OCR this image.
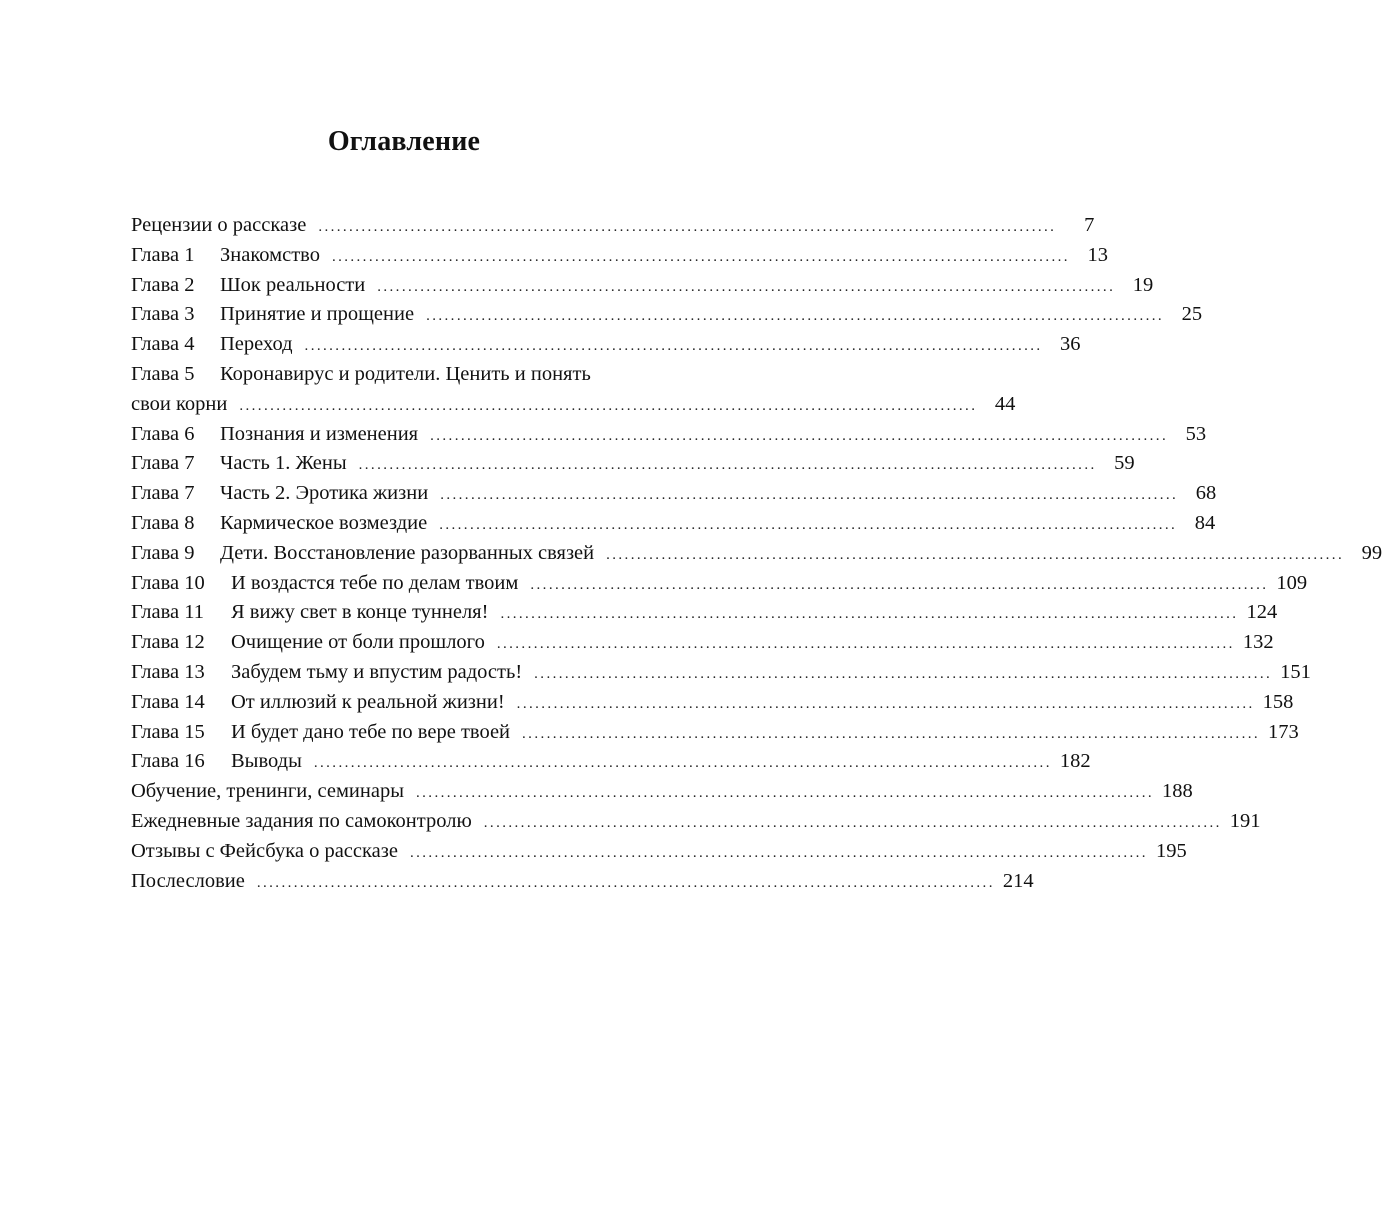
Оглавление
Рецензии о рассказе ........................................................................................................................	7
Глава 1 Знакомство ........................................................................................................................ 13
Глава 2 Шок реальности ........................................................................................................................ 19
Глава 3 Принятие и прощение ........................................................................................................................ 25
Глава 4 Переход ........................................................................................................................ 36
Глава 5 Коронавирус и родители. Ценить и понять
свои корни ........................................................................................................................ 44
Глава 6 Познания и изменения ........................................................................................................................ 53
Глава 7 Часть 1. Жены ........................................................................................................................ 59
Глава 7 Часть 2. Эротика жизни ........................................................................................................................ 68
Глава 8 Кармическое возмездие ........................................................................................................................ 84
Глава 9 Дети. Восстановление разорванных связей ........................................................................................................................ 99
Глава 10 И воздастся тебе по делам твоим ........................................................................................................................ 109
Глава 11 Я вижу свет в конце туннеля! ........................................................................................................................ 124
Глава 12 Очищение от боли прошлого ........................................................................................................................ 132
Глава 13 Забудем тьму и впустим радость! ........................................................................................................................ 151
Глава 14 От иллюзий к реальной жизни! ........................................................................................................................ 158
Глава 15 И будет дано тебе по вере твоей ........................................................................................................................ 173
Глава 16 Выводы ........................................................................................................................ 182
Обучение, тренинги, семинары ........................................................................................................................ 188
Ежедневные задания по самоконтролю ........................................................................................................................ 191
Отзывы с Фейсбука о рассказе ........................................................................................................................ 195
Послесловие ........................................................................................................................ 214
